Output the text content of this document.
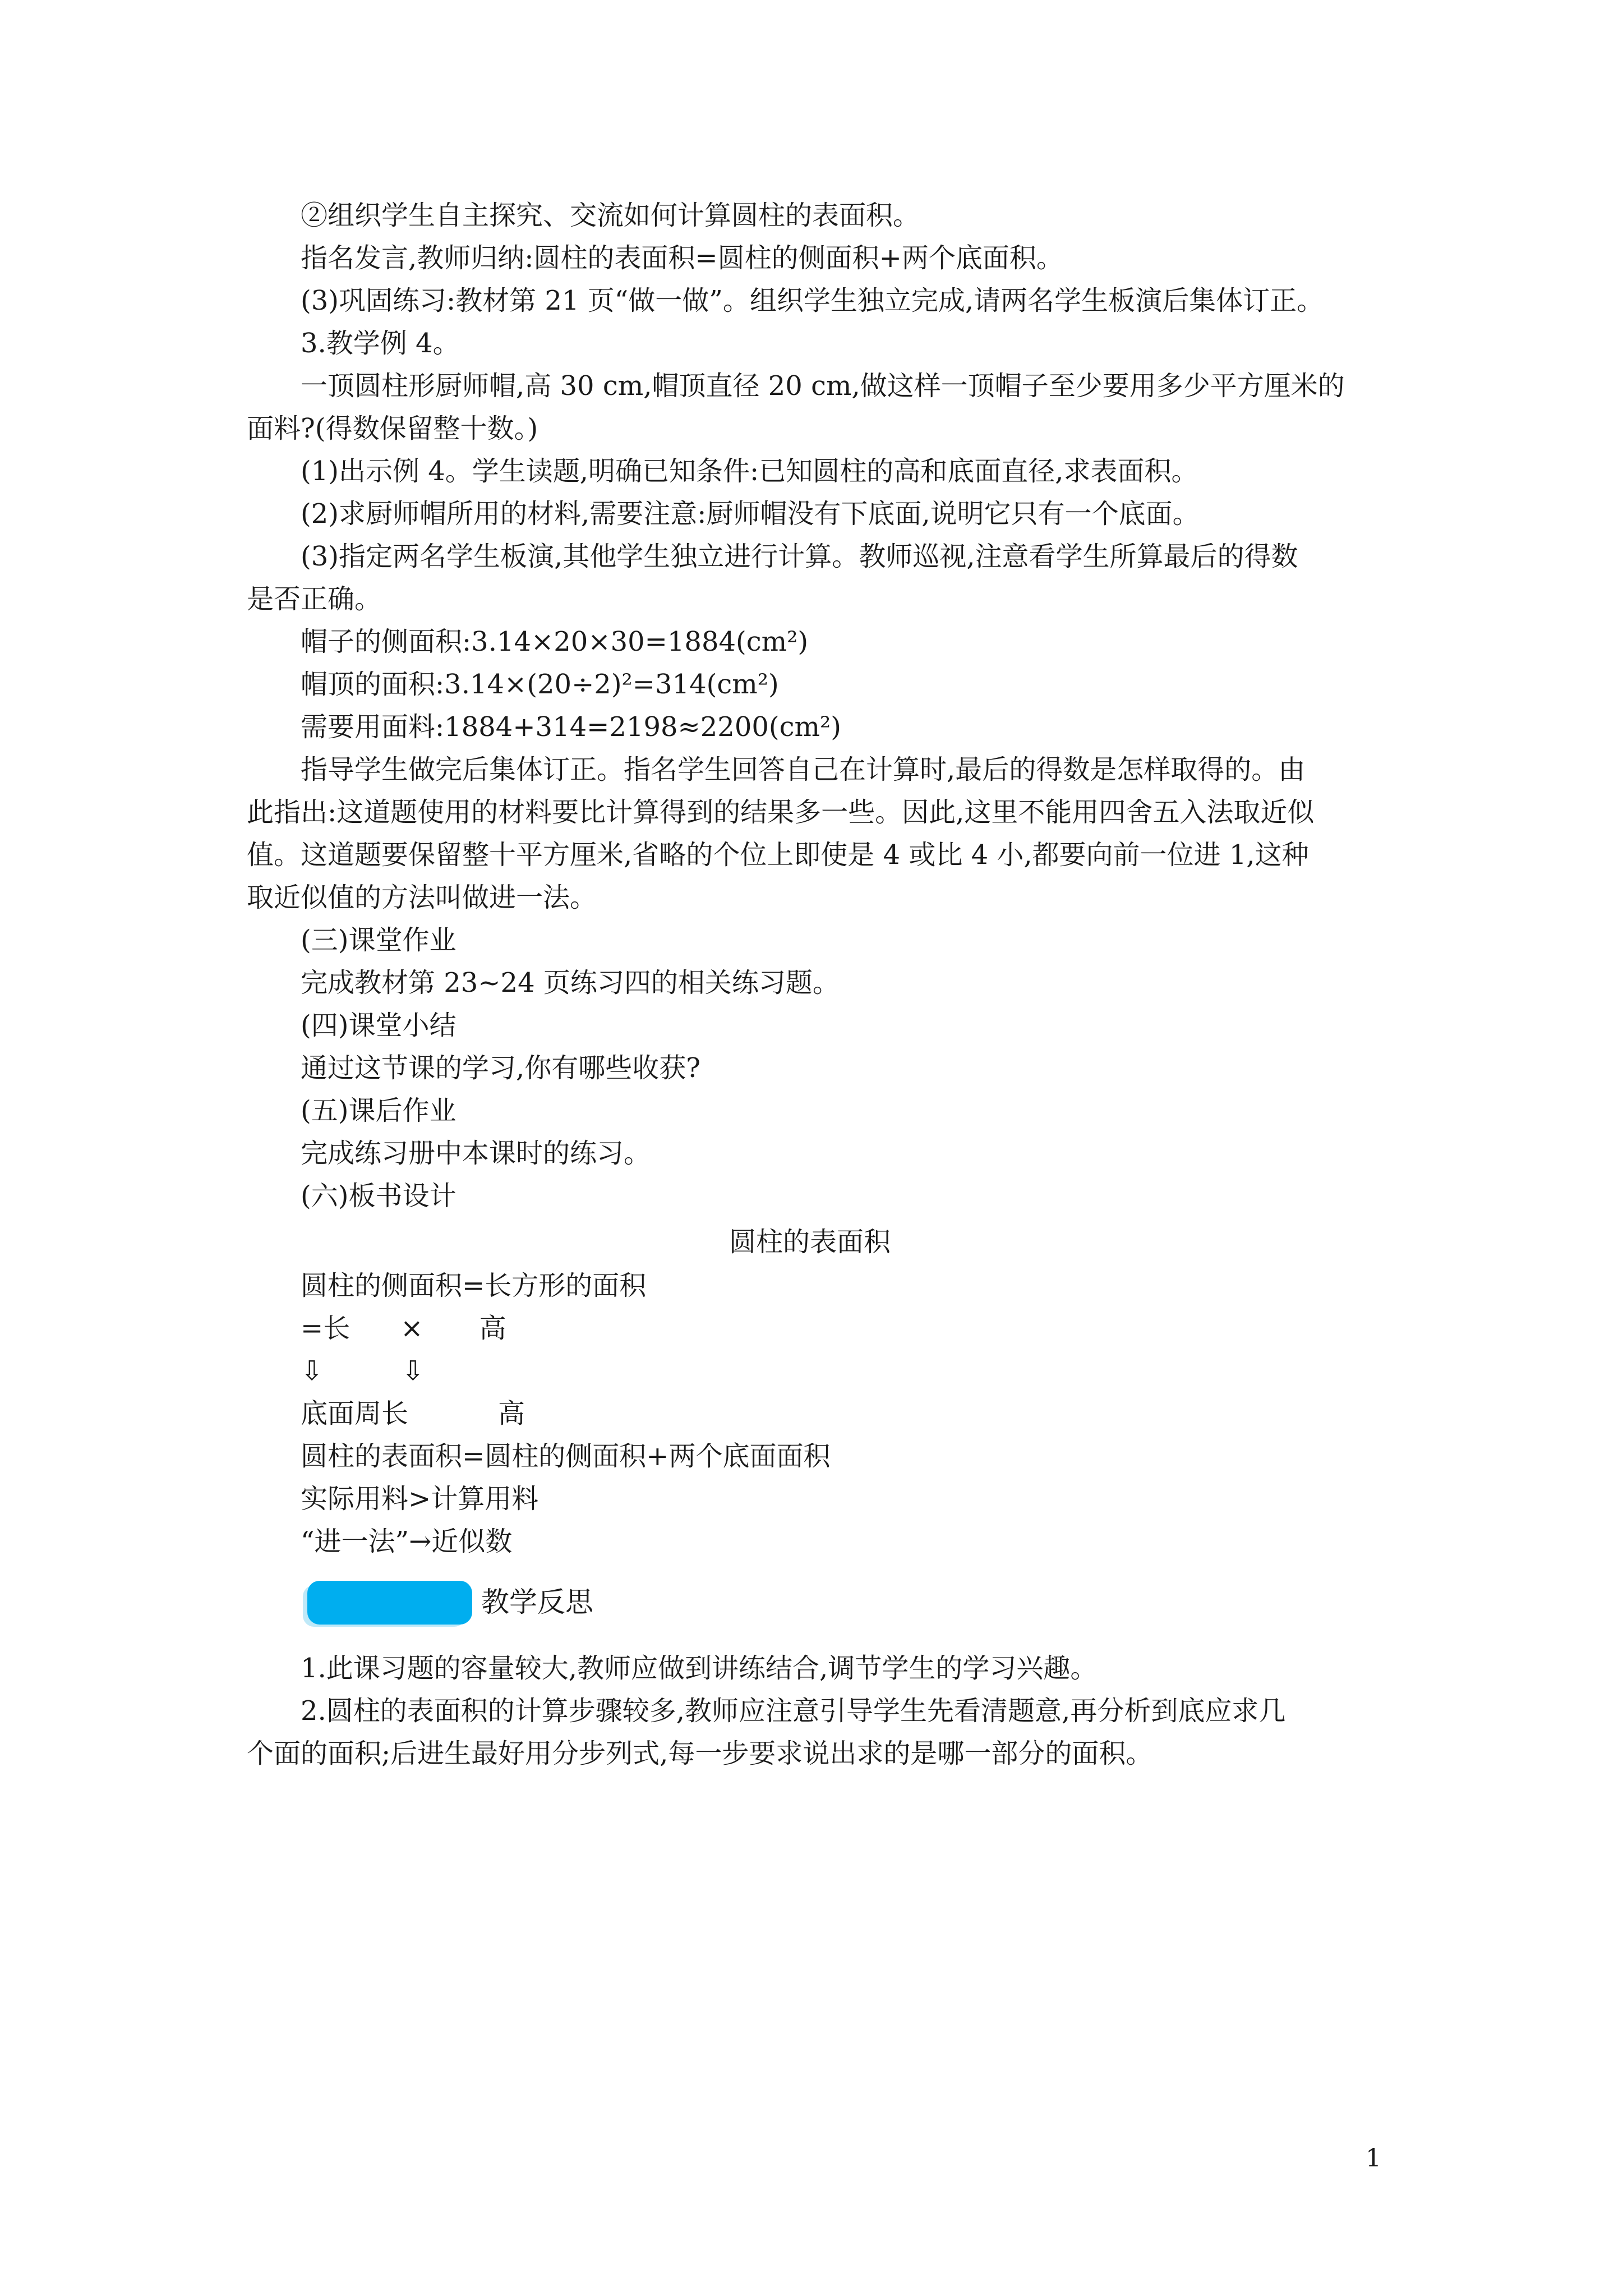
②组织学生自主探究、交流如何计算圆柱的表面积。

指名发言,教师归纳:圆柱的表面积=圆柱的侧面积+两个底面积。

(3)巩固练习:教材第 21 页“做一做”。组织学生独立完成,请两名学生板演后集体订正。

3.教学例 4。

一顶圆柱形厨师帽,高 30 cm,帽顶直径 20 cm,做这样一顶帽子至少要用多少平方厘米的

面料?(得数保留整十数。)

(1)出示例 4。学生读题,明确已知条件:已知圆柱的高和底面直径,求表面积。

(2)求厨师帽所用的材料,需要注意:厨师帽没有下底面,说明它只有一个底面。

(3)指定两名学生板演,其他学生独立进行计算。教师巡视,注意看学生所算最后的得数

是否正确。

帽子的侧面积:3.14×20×30=1884(cm²)

帽顶的面积:3.14×(20÷2)²=314(cm²)

需要用面料:1884+314=2198≈2200(cm²)

指导学生做完后集体订正。指名学生回答自己在计算时,最后的得数是怎样取得的。由

此指出:这道题使用的材料要比计算得到的结果多一些。因此,这里不能用四舍五入法取近似

值。这道题要保留整十平方厘米,省略的个位上即使是 4 或比 4 小,都要向前一位进 1,这种

取近似值的方法叫做进一法。

(三)课堂作业

完成教材第 23~24 页练习四的相关练习题。

(四)课堂小结

通过这节课的学习,你有哪些收获?

(五)课后作业

完成练习册中本课时的练习。

(六)板书设计

圆柱的表面积

圆柱的侧面积=长方形的面积

=长 × 高

⇩	⇩

底面周长	高

圆柱的表面积=圆柱的侧面积+两个底面面积

实际用料>计算用料

“进一法”→近似数

教学反思

1.此课习题的容量较大,教师应做到讲练结合,调节学生的学习兴趣。

2.圆柱的表面积的计算步骤较多,教师应注意引导学生先看清题意,再分析到底应求几

个面的面积;后进生最好用分步列式,每一步要求说出求的是哪一部分的面积。

1
